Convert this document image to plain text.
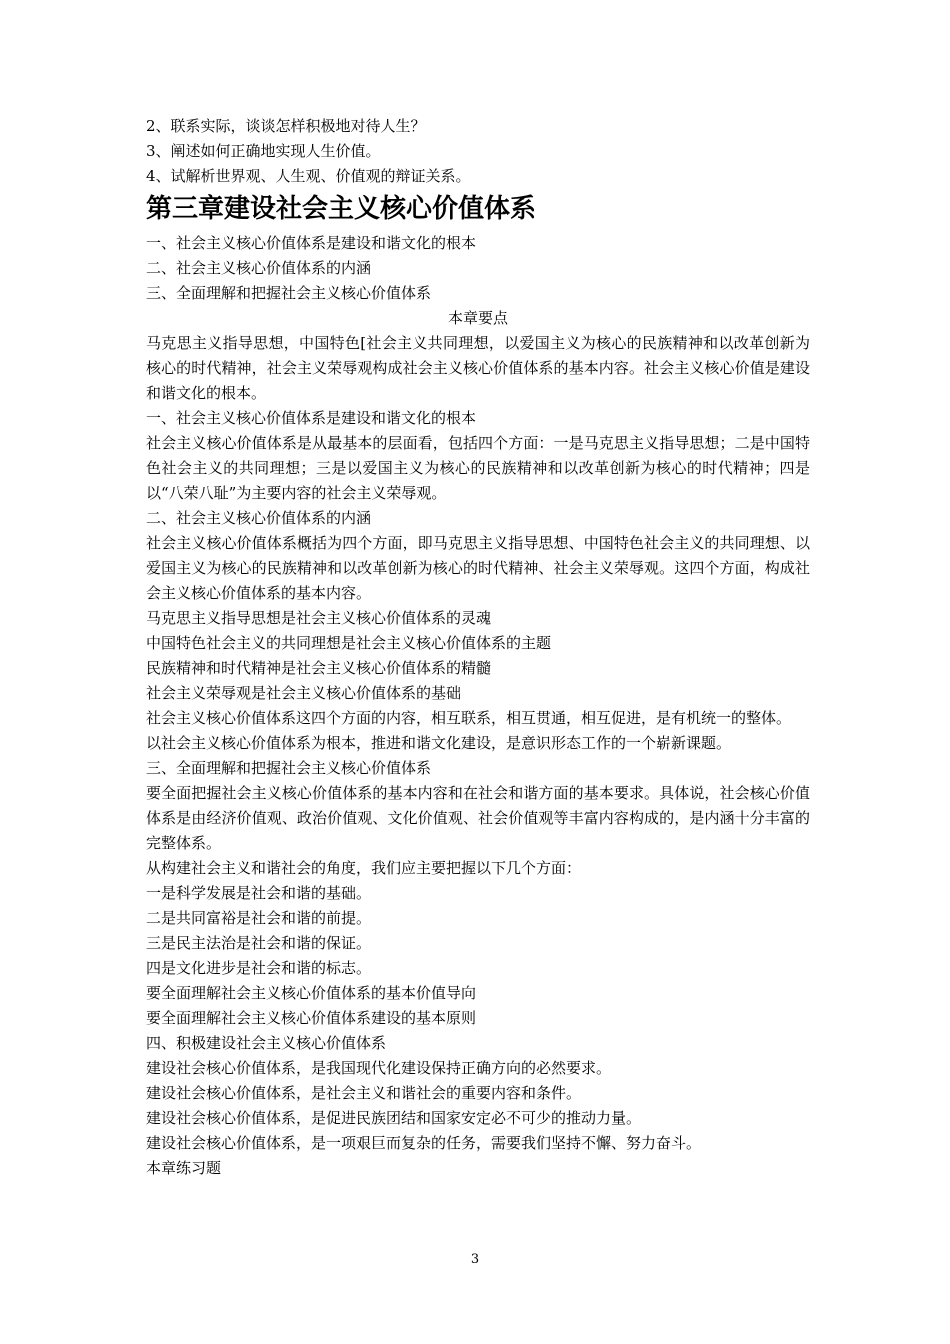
2、联系实际，谈谈怎样积极地对待人生？

3、阐述如何正确地实现人生价值。

4、试解析世界观、人生观、价值观的辩证关系。

第三章建设社会主义核心价值体系

一、社会主义核心价值体系是建设和谐文化的根本

二、社会主义核心价值体系的内涵

三、全面理解和把握社会主义核心价值体系

本章要点

马克思主义指导思想，中国特色[社会主义共同理想，以爱国主义为核心的民族精神和以改革创新为核心的时代精神，社会主义荣辱观构成社会主义核心价值体系的基本内容。社会主义核心价值是建设和谐文化的根本。

一、社会主义核心价值体系是建设和谐文化的根本

社会主义核心价值体系是从最基本的层面看，包括四个方面：一是马克思主义指导思想；二是中国特色社会主义的共同理想；三是以爱国主义为核心的民族精神和以改革创新为核心的时代精神；四是以“八荣八耻”为主要内容的社会主义荣辱观。

二、社会主义核心价值体系的内涵

社会主义核心价值体系概括为四个方面，即马克思主义指导思想、中国特色社会主义的共同理想、以爱国主义为核心的民族精神和以改革创新为核心的时代精神、社会主义荣辱观。这四个方面，构成社会主义核心价值体系的基本内容。

马克思主义指导思想是社会主义核心价值体系的灵魂

中国特色社会主义的共同理想是社会主义核心价值体系的主题

民族精神和时代精神是社会主义核心价值体系的精髓

社会主义荣辱观是社会主义核心价值体系的基础

社会主义核心价值体系这四个方面的内容，相互联系，相互贯通，相互促进，是有机统一的整体。

以社会主义核心价值体系为根本，推进和谐文化建设，是意识形态工作的一个崭新课题。

三、全面理解和把握社会主义核心价值体系

要全面把握社会主义核心价值体系的基本内容和在社会和谐方面的基本要求。具体说，社会核心价值体系是由经济价值观、政治价值观、文化价值观、社会价值观等丰富内容构成的，是内涵十分丰富的完整体系。

从构建社会主义和谐社会的角度，我们应主要把握以下几个方面：

一是科学发展是社会和谐的基础。

二是共同富裕是社会和谐的前提。

三是民主法治是社会和谐的保证。

四是文化进步是社会和谐的标志。

要全面理解社会主义核心价值体系的基本价值导向

要全面理解社会主义核心价值体系建设的基本原则

四、积极建设社会主义核心价值体系

建设社会核心价值体系，是我国现代化建设保持正确方向的必然要求。

建设社会核心价值体系，是社会主义和谐社会的重要内容和条件。

建设社会核心价值体系，是促进民族团结和国家安定必不可少的推动力量。

建设社会核心价值体系，是一项艰巨而复杂的任务，需要我们坚持不懈、努力奋斗。

本章练习题

3
